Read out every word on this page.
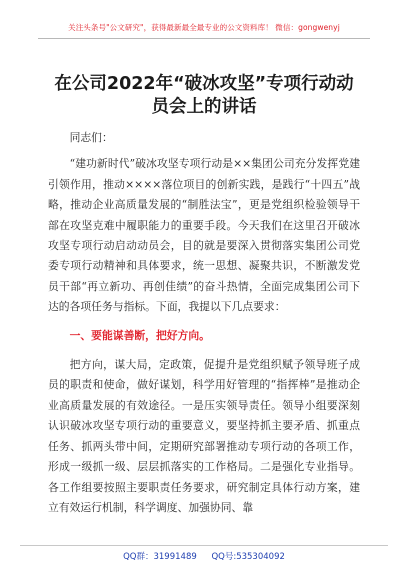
关注头条号"公文研究"，获得最新最全最专业的公文资料库！ 微信：gongwenyj
在公司2022年“破冰攻坚”专项行动动员会上的讲话

同志们：

“建功新时代”破冰攻坚专项行动是××集团公司充分发挥党建引领作用，推动××××落位项目的创新实践，是践行“十四五”战略，推动企业高质量发展的“制胜法宝”，更是党组织检验领导干部在攻坚克难中履职能力的重要手段。今天我们在这里召开破冰攻坚专项行动启动动员会，目的就是要深入贯彻落实集团公司党委专项行动精神和具体要求，统一思想、凝聚共识，不断激发党员干部“再立新功、再创佳绩”的奋斗热情，全面完成集团公司下达的各项任务与指标。下面，我提以下几点要求：

一、要能谋善断，把好方向。

把方向，谋大局，定政策，促提升是党组织赋予领导班子成员的职责和使命，做好谋划，科学用好管理的“指挥棒”是推动企业高质量发展的有效途径。一是压实领导责任。领导小组要深刻认识破冰攻坚专项行动的重要意义，要坚持抓主要矛盾、抓重点任务、抓两头带中间，定期研究部署推动专项行动的各项工作，形成一级抓一级、层层抓落实的工作格局。二是强化专业指导。各工作组要按照主要职责任务要求，研究制定具体行动方案，建立有效运行机制，科学调度、加强协同、靠

QQ群：31991489 QQ号:535304092
